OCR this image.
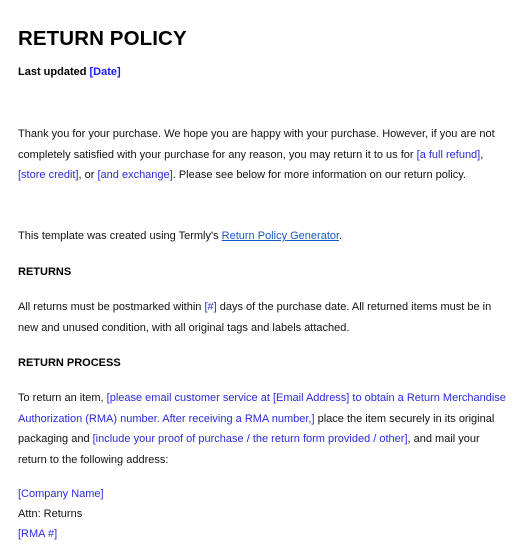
RETURN POLICY
Last updated [Date]

Thank you for your purchase. We hope you are happy with your purchase. However, if you are not completely satisfied with your purchase for any reason, you may return it to us for [a full refund], [store credit], or [and exchange]. Please see below for more information on our return policy.

This template was created using Termly's Return Policy Generator.

RETURNS

All returns must be postmarked within [#] days of the purchase date. All returned items must be in new and unused condition, with all original tags and labels attached.

RETURN PROCESS

To return an item, [please email customer service at [Email Address] to obtain a Return Merchandise Authorization (RMA) number. After receiving a RMA number,] place the item securely in its original packaging and [include your proof of purchase / the return form provided / other], and mail your return to the following address:

[Company Name]
Attn: Returns
[RMA #]
